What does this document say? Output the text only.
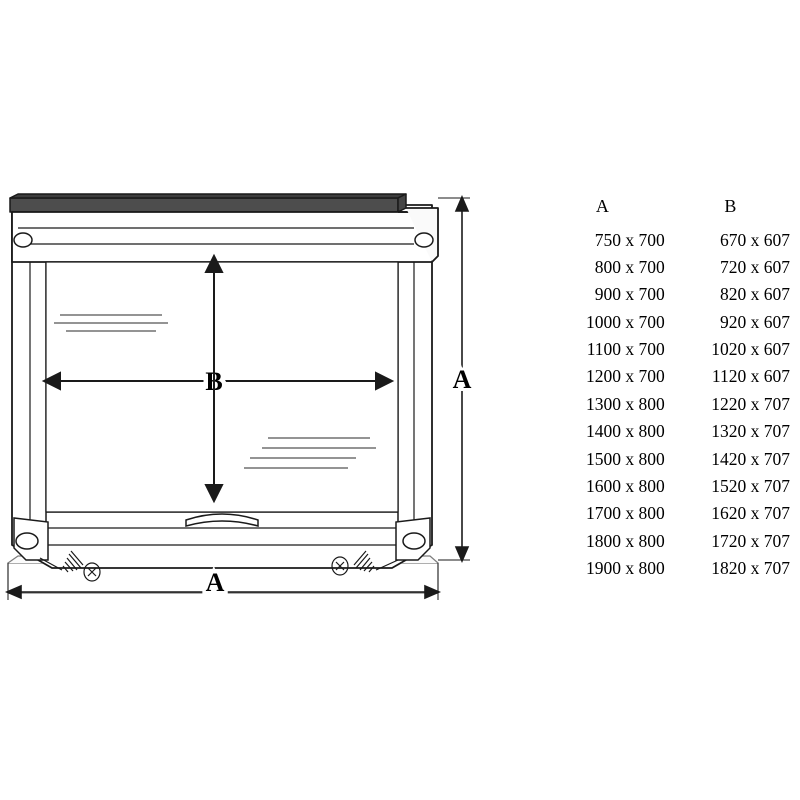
A
A
B
A	B
750 x 700	670 x 607
800 x 700	720 x 607
900 x 700	820 x 607
1000 x 700	920 x 607
1100 x 700	1020 x 607
1200 x 700	1120 x 607
1300 x 800	1220 x 707
1400 x 800	1320 x 707
1500 x 800	1420 x 707
1600 x 800	1520 x 707
1700 x 800	1620 x 707
1800 x 800	1720 x 707
1900 x 800	1820 x 707
